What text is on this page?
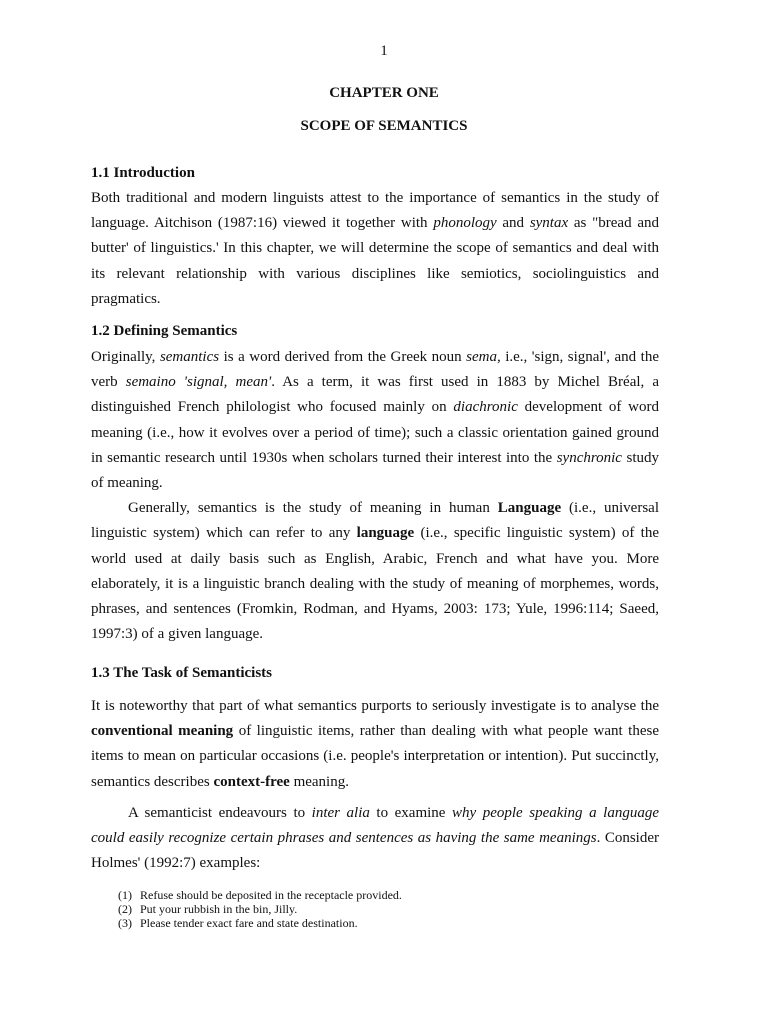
1
CHAPTER ONE
SCOPE OF SEMANTICS
1.1 Introduction

Both traditional and modern linguists attest to the importance of semantics in the study of language. Aitchison (1987:16) viewed it together with phonology and syntax as "bread and butter' of linguistics.' In this chapter, we will determine the scope of semantics and deal with its relevant relationship with various disciplines like semiotics, sociolinguistics and pragmatics.

1.2 Defining Semantics

Originally, semantics is a word derived from the Greek noun sema, i.e., 'sign, signal', and the verb semaino 'signal, mean'. As a term, it was first used in 1883 by Michel Bréal, a distinguished French philologist who focused mainly on diachronic development of word meaning (i.e., how it evolves over a period of time); such a classic orientation gained ground in semantic research until 1930s when scholars turned their interest into the synchronic study of meaning.

Generally, semantics is the study of meaning in human Language (i.e., universal linguistic system) which can refer to any language (i.e., specific linguistic system) of the world used at daily basis such as English, Arabic, French and what have you. More elaborately, it is a linguistic branch dealing with the study of meaning of morphemes, words, phrases, and sentences (Fromkin, Rodman, and Hyams, 2003: 173; Yule, 1996:114; Saeed, 1997:3) of a given language.

1.3 The Task of Semanticists

It is noteworthy that part of what semantics purports to seriously investigate is to analyse the conventional meaning of linguistic items, rather than dealing with what people want these items to mean on particular occasions (i.e. people's interpretation or intention). Put succinctly, semantics describes context-free meaning.

A semanticist endeavours to inter alia to examine why people speaking a language could easily recognize certain phrases and sentences as having the same meanings. Consider Holmes' (1992:7) examples:

(1) Refuse should be deposited in the receptacle provided.
(2) Put your rubbish in the bin, Jilly.
(3) Please tender exact fare and state destination.
